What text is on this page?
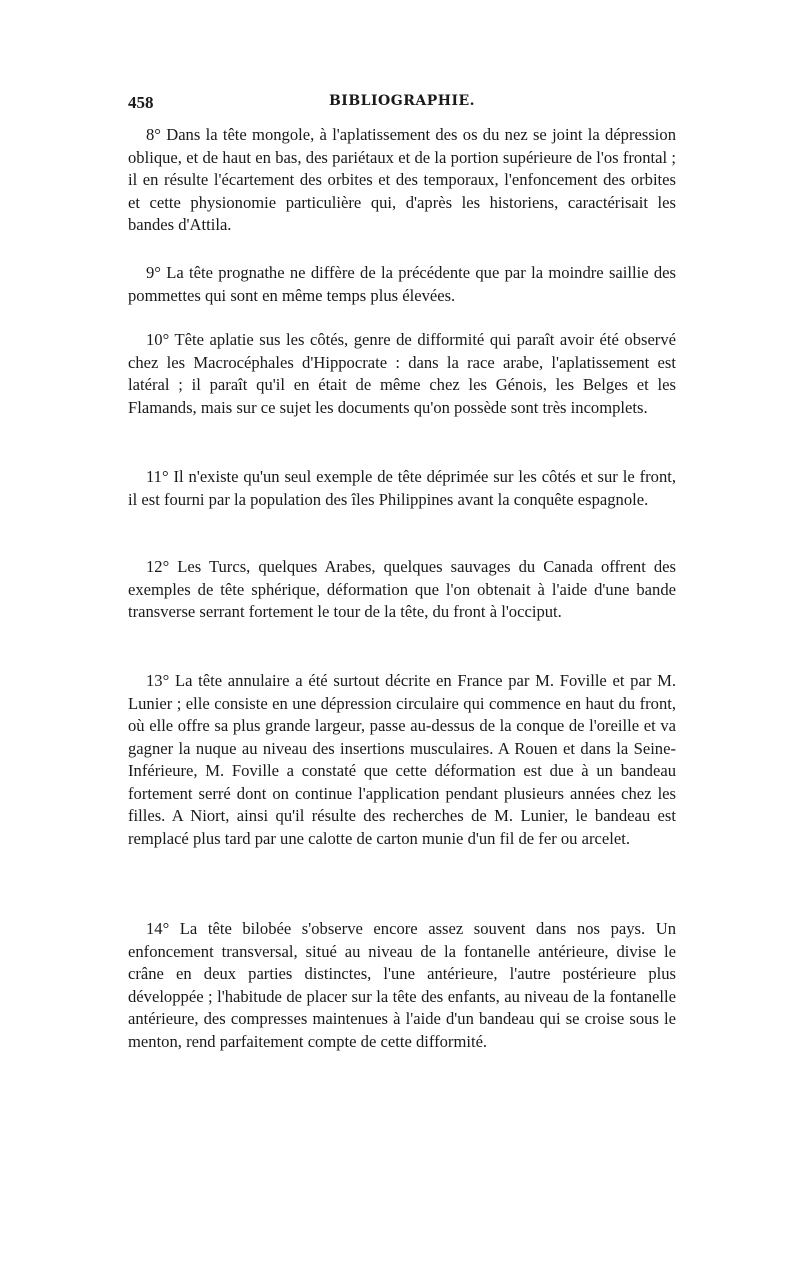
458	BIBLIOGRAPHIE.

8° Dans la tête mongole, à l'aplatissement des os du nez se joint la dépression oblique, et de haut en bas, des pariétaux et de la portion supérieure de l'os frontal ; il en résulte l'écartement des orbites et des temporaux, l'enfoncement des orbites et cette physionomie particulière qui, d'après les historiens, caractérisait les bandes d'Attila.

9° La tête prognathe ne diffère de la précédente que par la moindre saillie des pommettes qui sont en même temps plus élevées.

10° Tête aplatie sus les côtés, genre de difformité qui paraît avoir été observé chez les Macrocéphales d'Hippocrate : dans la race arabe, l'aplatissement est latéral ; il paraît qu'il en était de même chez les Génois, les Belges et les Flamands, mais sur ce sujet les documents qu'on possède sont très incomplets.

11° Il n'existe qu'un seul exemple de tête déprimée sur les côtés et sur le front, il est fourni par la population des îles Philippines avant la conquête espagnole.

12° Les Turcs, quelques Arabes, quelques sauvages du Canada offrent des exemples de tête sphérique, déformation que l'on obtenait à l'aide d'une bande transverse serrant fortement le tour de la tête, du front à l'occiput.

13° La tête annulaire a été surtout décrite en France par M. Foville et par M. Lunier ; elle consiste en une dépression circulaire qui commence en haut du front, où elle offre sa plus grande largeur, passe au-dessus de la conque de l'oreille et va gagner la nuque au niveau des insertions musculaires. A Rouen et dans la Seine-Inférieure, M. Foville a constaté que cette déformation est due à un bandeau fortement serré dont on continue l'application pendant plusieurs années chez les filles. A Niort, ainsi qu'il résulte des recherches de M. Lunier, le bandeau est remplacé plus tard par une calotte de carton munie d'un fil de fer ou arcelet.

14° La tête bilobée s'observe encore assez souvent dans nos pays. Un enfoncement transversal, situé au niveau de la fontanelle antérieure, divise le crâne en deux parties distinctes, l'une antérieure, l'autre postérieure plus développée ; l'habitude de placer sur la tête des enfants, au niveau de la fontanelle antérieure, des compresses maintenues à l'aide d'un bandeau qui se croise sous le menton, rend parfaitement compte de cette difformité.
